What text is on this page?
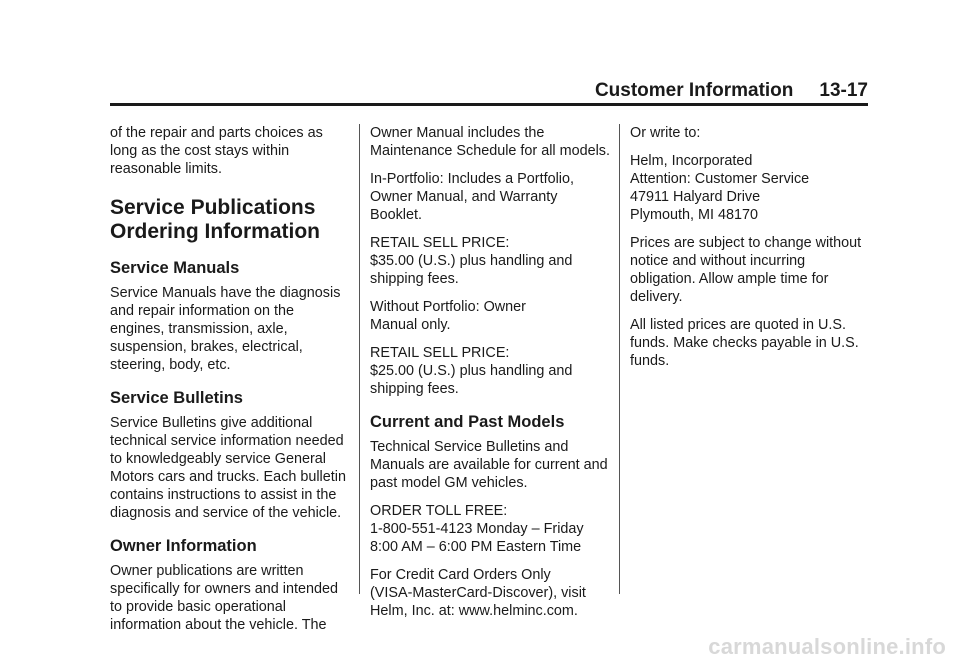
Customer Information 13-17

of the repair and parts choices as long as the cost stays within reasonable limits.

Service Publications
Ordering Information
Service Manuals

Service Manuals have the diagnosis and repair information on the engines, transmission, axle, suspension, brakes, electrical, steering, body, etc.

Service Bulletins

Service Bulletins give additional technical service information needed to knowledgeably service General Motors cars and trucks. Each bulletin contains instructions to assist in the diagnosis and service of the vehicle.

Owner Information

Owner publications are written specifically for owners and intended to provide basic operational information about the vehicle. The

Owner Manual includes the Maintenance Schedule for all models.

In-Portfolio: Includes a Portfolio, Owner Manual, and Warranty Booklet.

RETAIL SELL PRICE:
$35.00 (U.S.) plus handling and shipping fees.

Without Portfolio: Owner
Manual only.

RETAIL SELL PRICE:
$25.00 (U.S.) plus handling and shipping fees.

Current and Past Models

Technical Service Bulletins and Manuals are available for current and past model GM vehicles.

ORDER TOLL FREE:
1-800-551-4123 Monday – Friday
8:00 AM – 6:00 PM Eastern Time

For Credit Card Orders Only
(VISA-MasterCard-Discover), visit
Helm, Inc. at: www.helminc.com.

Or write to:

Helm, Incorporated
Attention: Customer Service
47911 Halyard Drive
Plymouth, MI 48170

Prices are subject to change without notice and without incurring obligation. Allow ample time for delivery.

All listed prices are quoted in U.S. funds. Make checks payable in U.S. funds.

carmanualsonline.info
